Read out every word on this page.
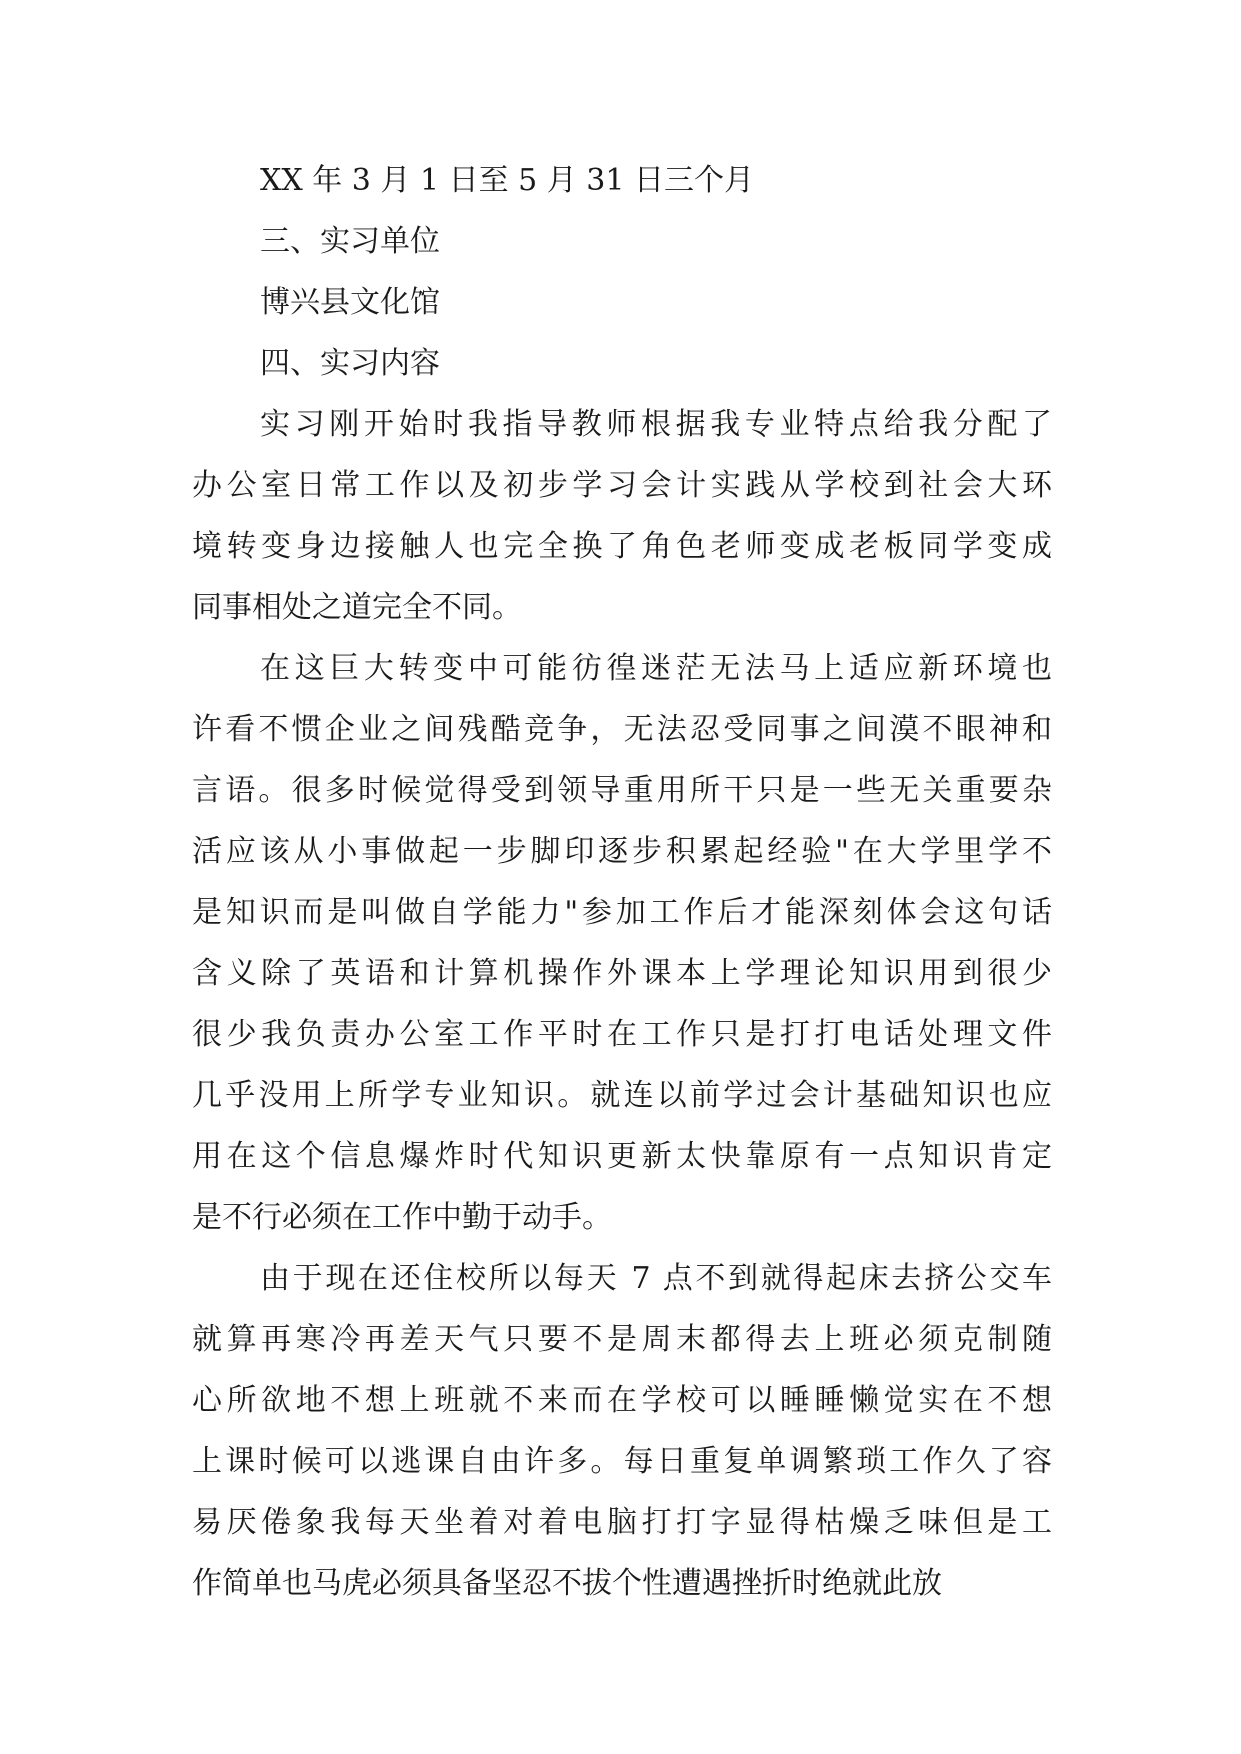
XX 年 3 月 1 日至 5 月 31 日三个月
三、实习单位
博兴县文化馆
四、实习内容
实习刚开始时我指导教师根据我专业特点给我分配了
办公室日常工作以及初步学习会计实践从学校到社会大环
境转变身边接触人也完全换了角色老师变成老板同学变成
同事相处之道完全不同。
在这巨大转变中可能彷徨迷茫无法马上适应新环境也
许看不惯企业之间残酷竞争，无法忍受同事之间漠不眼神和
言语。很多时候觉得受到领导重用所干只是一些无关重要杂
活应该从小事做起一步脚印逐步积累起经验"在大学里学不
是知识而是叫做自学能力"参加工作后才能深刻体会这句话
含义除了英语和计算机操作外课本上学理论知识用到很少
很少我负责办公室工作平时在工作只是打打电话处理文件
几乎没用上所学专业知识。就连以前学过会计基础知识也应
用在这个信息爆炸时代知识更新太快靠原有一点知识肯定
是不行必须在工作中勤于动手。
由于现在还住校所以每天 7 点不到就得起床去挤公交车
就算再寒冷再差天气只要不是周末都得去上班必须克制随
心所欲地不想上班就不来而在学校可以睡睡懒觉实在不想
上课时候可以逃课自由许多。每日重复单调繁琐工作久了容
易厌倦象我每天坐着对着电脑打打字显得枯燥乏味但是工
作简单也马虎必须具备坚忍不拔个性遭遇挫折时绝就此放
